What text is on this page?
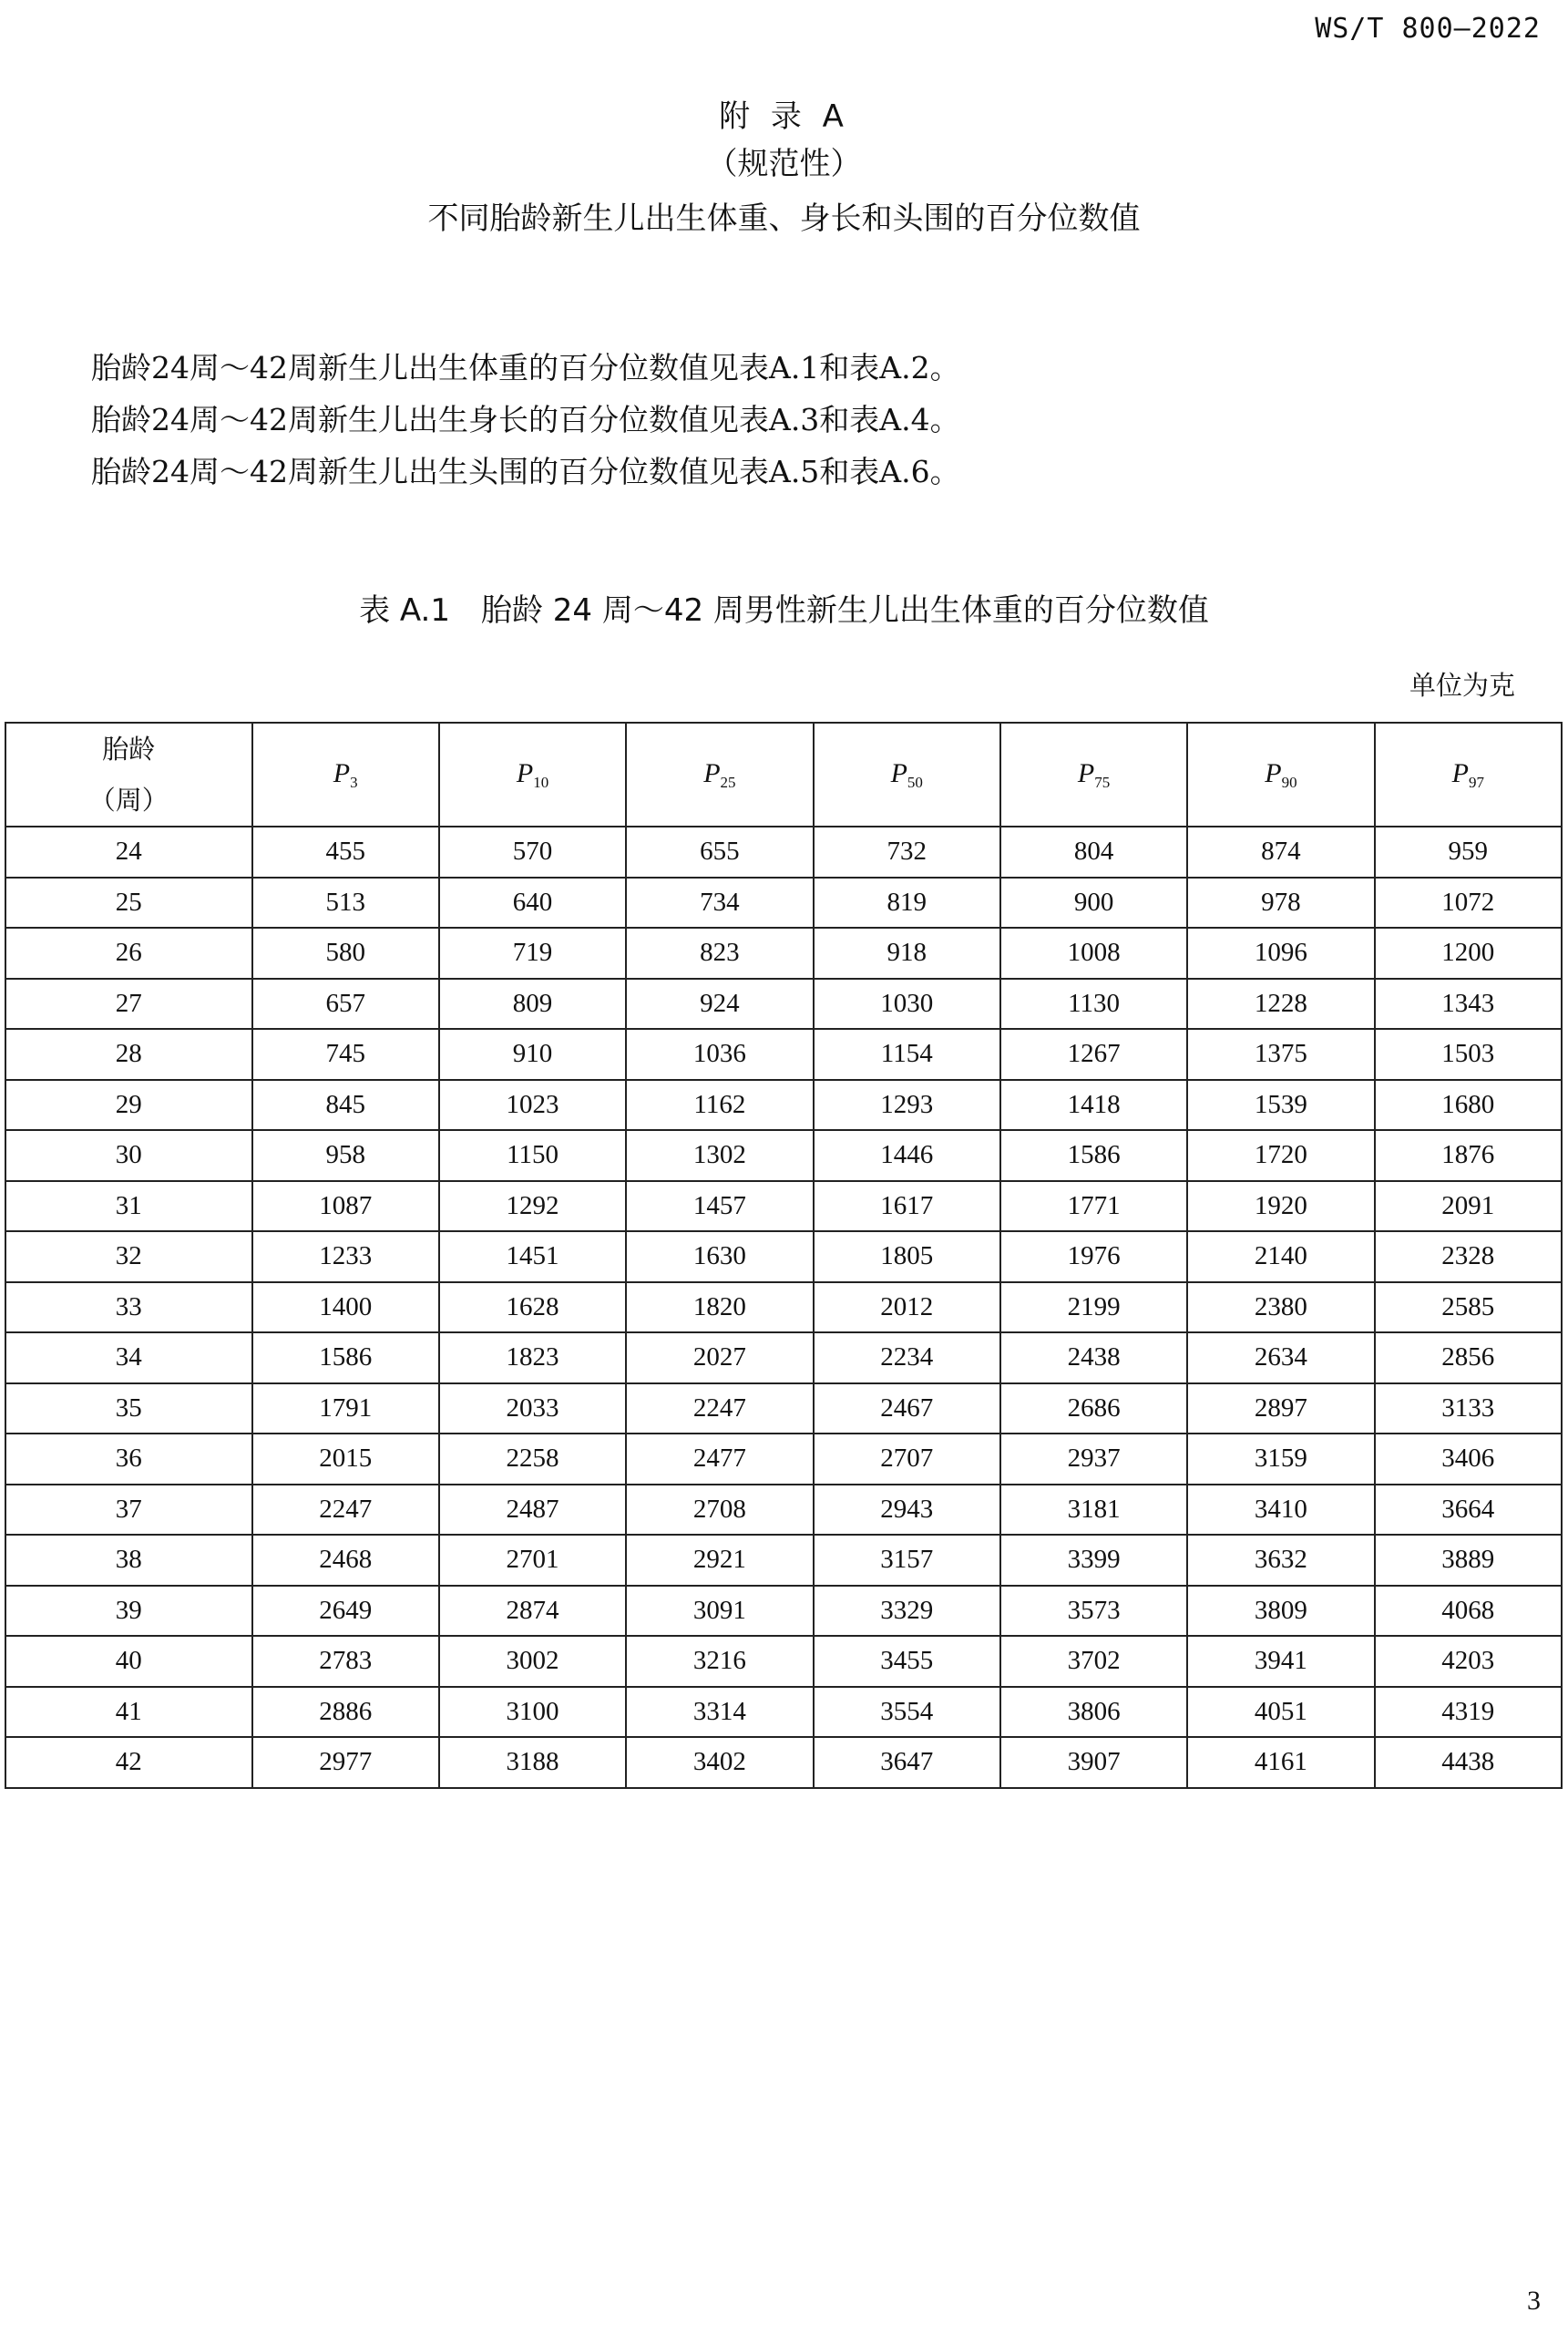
WS/T 800—2022
附 录 A
（规范性）
不同胎龄新生儿出生体重、身长和头围的百分位数值
胎龄24周～42周新生儿出生体重的百分位数值见表A.1和表A.2。
胎龄24周～42周新生儿出生身长的百分位数值见表A.3和表A.4。
胎龄24周～42周新生儿出生头围的百分位数值见表A.5和表A.6。
表 A.1 胎龄 24 周～42 周男性新生儿出生体重的百分位数值
单位为克
胎龄
（周）	$P_3$	$P_{10}$	$P_{25}$	$P_{50}$	$P_{75}$	$P_{90}$	$P_{97}$
24	455	570	655	732	804	874	959
25	513	640	734	819	900	978	1072
26	580	719	823	918	1008	1096	1200
27	657	809	924	1030	1130	1228	1343
28	745	910	1036	1154	1267	1375	1503
29	845	1023	1162	1293	1418	1539	1680
30	958	1150	1302	1446	1586	1720	1876
31	1087	1292	1457	1617	1771	1920	2091
32	1233	1451	1630	1805	1976	2140	2328
33	1400	1628	1820	2012	2199	2380	2585
34	1586	1823	2027	2234	2438	2634	2856
35	1791	2033	2247	2467	2686	2897	3133
36	2015	2258	2477	2707	2937	3159	3406
37	2247	2487	2708	2943	3181	3410	3664
38	2468	2701	2921	3157	3399	3632	3889
39	2649	2874	3091	3329	3573	3809	4068
40	2783	3002	3216	3455	3702	3941	4203
41	2886	3100	3314	3554	3806	4051	4319
42	2977	3188	3402	3647	3907	4161	4438
3
